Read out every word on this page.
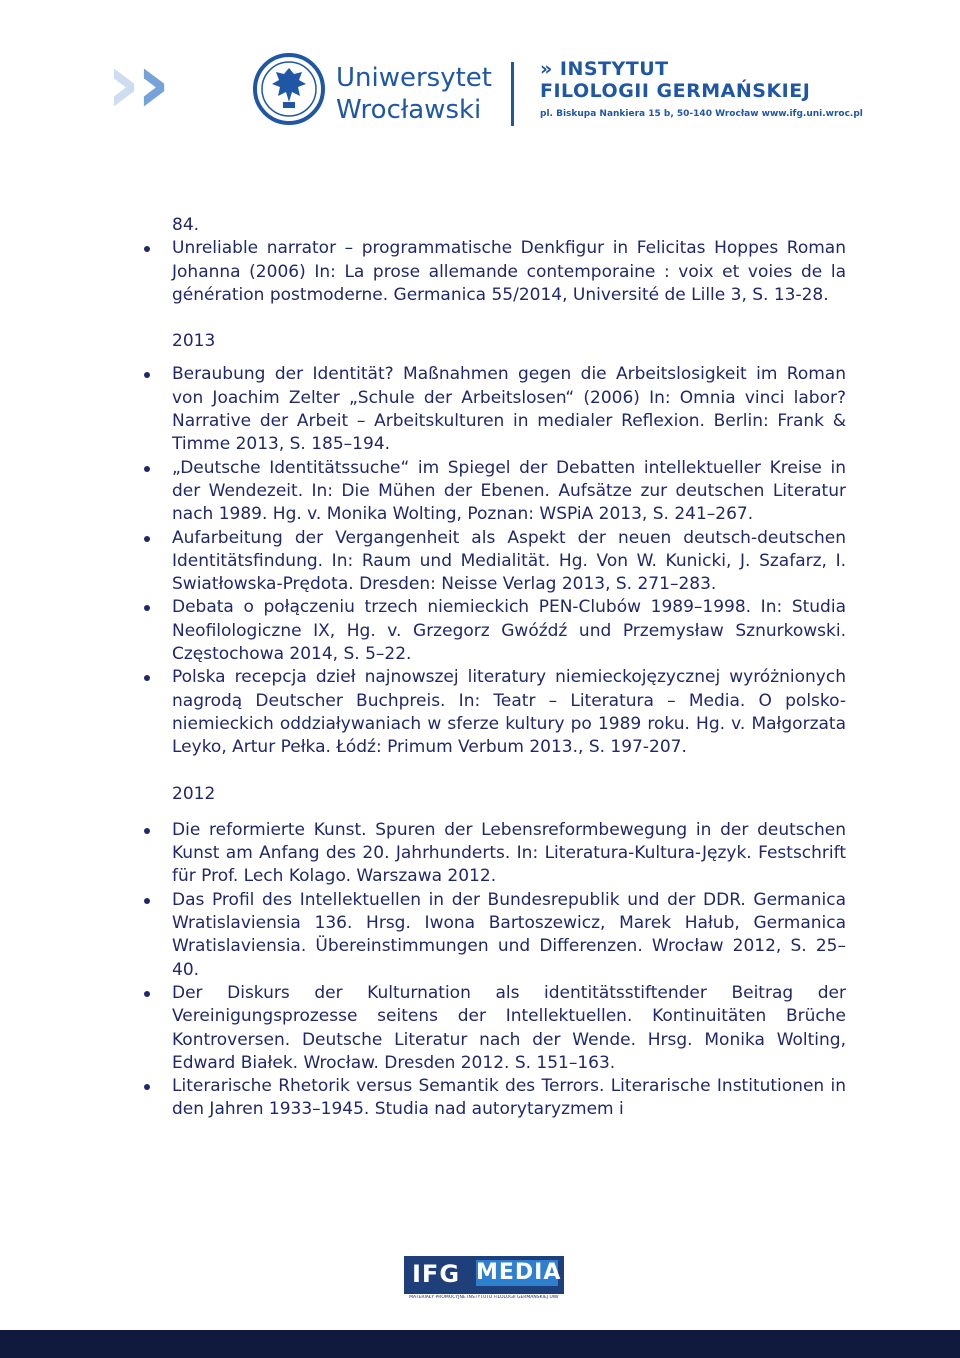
›
›	Uniwersytet
Wrocławski
» INSTYTUT
FILOLOGII GERMAŃSKIEJ
pl. Biskupa Nankiera 15 b, 50-140 Wrocław www.ifg.uni.wroc.pl

84.

Unreliable narrator – programmatische Denkfigur in Felicitas Hoppes Roman Johanna (2006) In: La prose allemande contemporaine : voix et voies de la génération postmoderne. Germanica 55/2014, Université de Lille 3, S. 13-28.

2013

Beraubung der Identität? Maßnahmen gegen die Arbeitslosigkeit im Roman von Joachim Zelter „Schule der Arbeitslosen“ (2006) In: Omnia vinci labor? Narrative der Arbeit – Arbeitskulturen in medialer Reflexion. Berlin: Frank & Timme 2013, S. 185–194.
„Deutsche Identitätssuche“ im Spiegel der Debatten intellektueller Kreise in der Wendezeit. In: Die Mühen der Ebenen. Aufsätze zur deutschen Literatur nach 1989. Hg. v. Monika Wolting, Poznan: WSPiA 2013, S. 241–267.
Aufarbeitung der Vergangenheit als Aspekt der neuen deutsch-deutschen Identitätsfindung. In: Raum und Medialität. Hg. Von W. Kunicki, J. Szafarz, I. Swiatłowska-Prędota. Dresden: Neisse Verlag 2013, S. 271–283.
Debata o połączeniu trzech niemieckich PEN-Clubów 1989–1998. In: Studia Neofilologiczne IX, Hg. v. Grzegorz Gwóźdź und Przemysław Sznurkowski. Częstochowa 2014, S. 5–22.
Polska recepcja dzieł najnowszej literatury niemieckojęzycznej wyróżnionych nagrodą Deutscher Buchpreis. In: Teatr – Literatura – Media. O polsko-niemieckich oddziaływaniach w sferze kultury po 1989 roku. Hg. v. Małgorzata Leyko, Artur Pełka. Łódź: Primum Verbum 2013., S. 197-207.

2012

Die reformierte Kunst. Spuren der Lebensreformbewegung in der deutschen Kunst am Anfang des 20. Jahrhunderts. In: Literatura-Kultura-Język. Festschrift für Prof. Lech Kolago. Warszawa 2012.
Das Profil des Intellektuellen in der Bundesrepublik und der DDR. Germanica Wratislaviensia 136. Hrsg. Iwona Bartoszewicz, Marek Hałub, Germanica Wratislaviensia. Übereinstimmungen und Differenzen. Wrocław 2012, S. 25–40.
Der Diskurs der Kulturnation als identitätsstiftender Beitrag der Vereinigungsprozesse seitens der Intellektuellen. Kontinuitäten Brüche Kontroversen. Deutsche Literatur nach der Wende. Hrsg. Monika Wolting, Edward Białek. Wrocław. Dresden 2012. S. 151–163.
Literarische Rhetorik versus Semantik des Terrors. Literarische Institutionen in den Jahren 1933–1945. Studia nad autorytaryzmem i
IFG MEDIA
MATERIAŁY PROMOCYJNE INSTYTUTU FILOLOGII GERMAŃSKIEJ UWr
